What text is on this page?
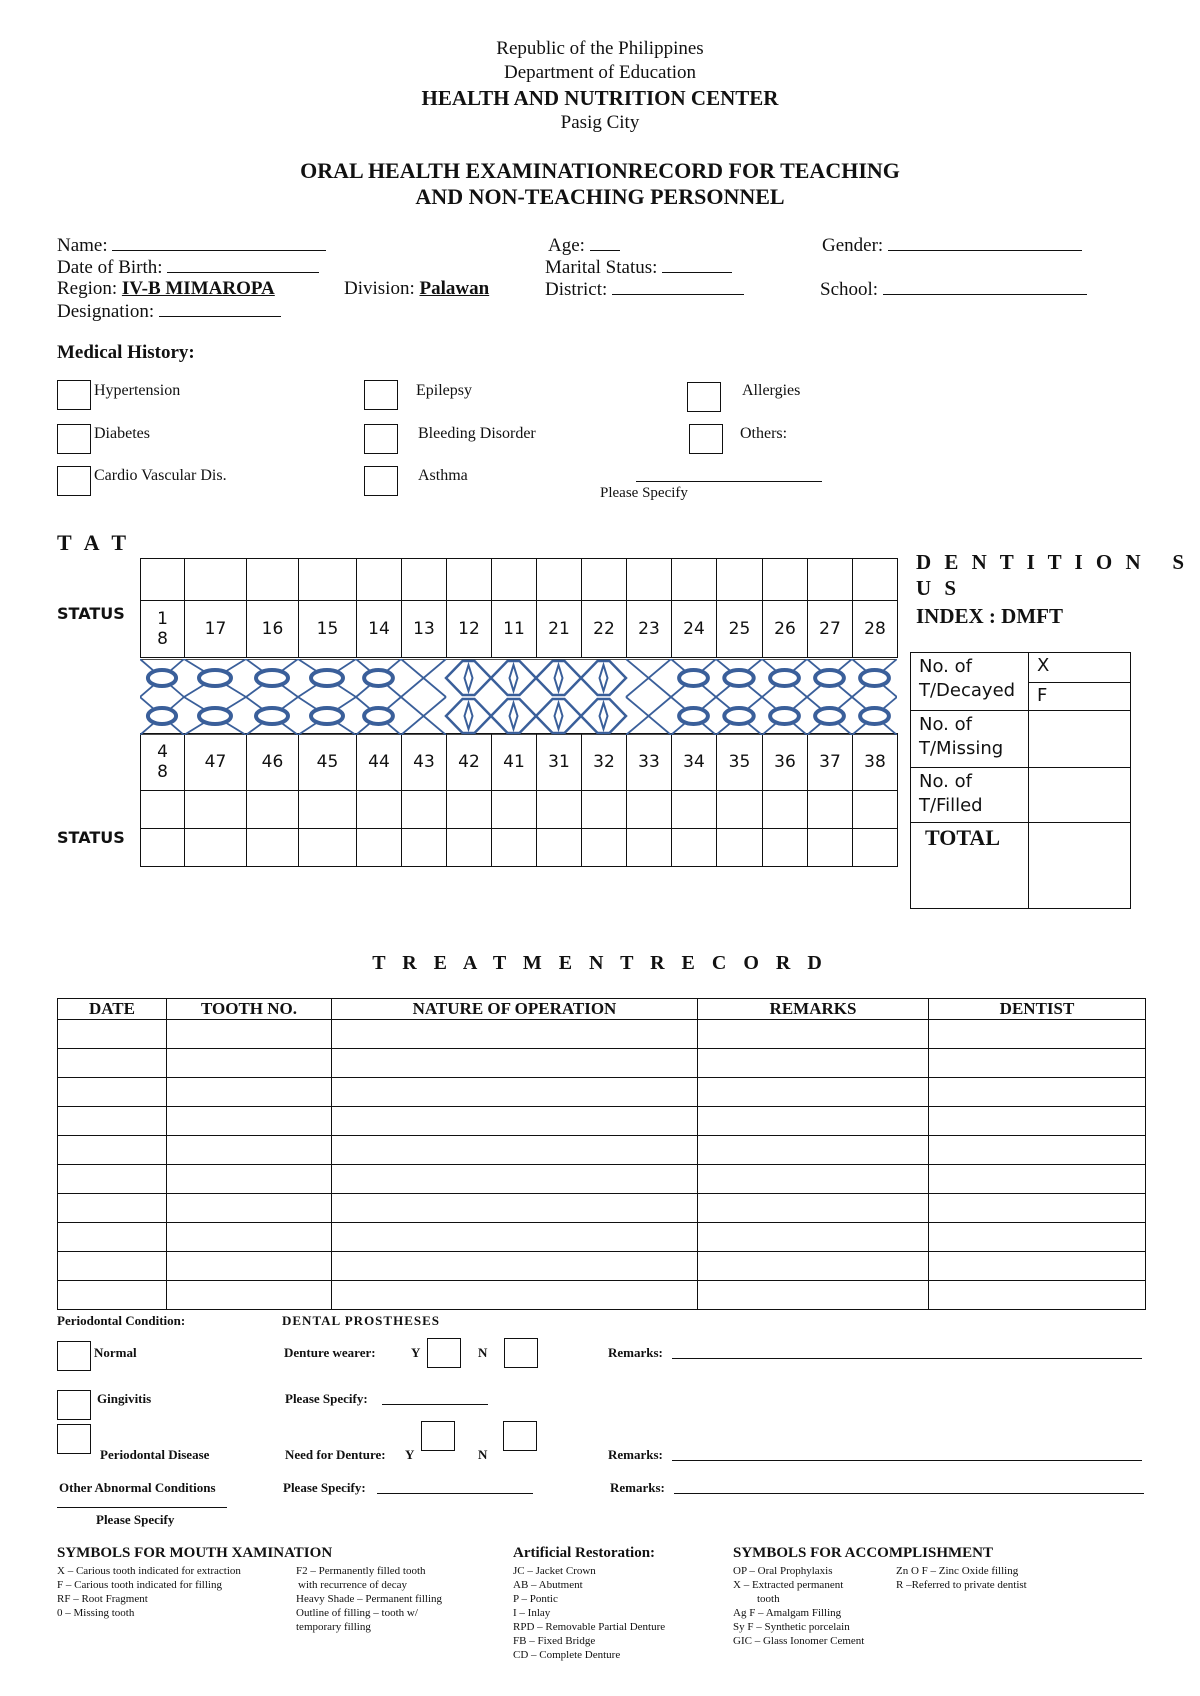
Republic of the Philippines
Department of Education
HEALTH AND NUTRITION CENTER
Pasig City
ORAL HEALTH EXAMINATIONRECORD FOR TEACHING
AND NON-TEACHING PERSONNEL
Name:
Date of Birth:
Region: IV-B MIMAROPA	Division: Palawan
Designation:
Age:
Marital Status:
District:
Gender:
School:
Medical History:
Hypertension	Epilepsy	Allergies
Diabetes	Bleeding Disorder	Others:
Cardio Vascular Dis.	Asthma
Please Specify
T A T
STATUS
STATUS

1
8	17	16	15	14	13	12	11	21	22	23	24	25	26	27	28

4
8	47	46	45	44	43	42	41	31	32	33	34	35	36	37	38

D E N T I T I O N   S
U S
INDEX : DMFT
No. of T/Decayed	X
	F
No. of T/Missing	
No. of T/Filled	
TOTAL	
T R E A T M E N T R E C O R D
DATE	TOOTH NO.	NATURE OF OPERATION	REMARKS	DENTIST

Periodontal Condition:	DENTAL PROSTHESES
Normal	Denture wearer:	Y	N	Remarks:
Gingivitis	Please Specify:
Periodontal Disease	Need for Denture: Y	N	Remarks:
Other Abnormal Conditions	Please Specify:	Remarks:
Please Specify
SYMBOLS FOR MOUTH XAMINATION
X – Carious tooth indicated for extraction
F – Carious tooth indicated for filling
RF – Root Fragment
0 – Missing tooth
F2 – Permanently filled tooth
with recurrence of decay
Heavy Shade – Permanent filling
Outline of filling – tooth w/
temporary filling
Artificial Restoration:
JC – Jacket Crown
AB – Abutment
P – Pontic
I – Inlay
RPD – Removable Partial Denture
FB – Fixed Bridge
CD – Complete Denture
SYMBOLS FOR ACCOMPLISHMENT
OP – Oral Prophylaxis
X – Extracted permanent
tooth
Ag F – Amalgam Filling
Sy F – Synthetic porcelain
GIC – Glass Ionomer Cement
Zn O F – Zinc Oxide filling
R –Referred to private dentist
